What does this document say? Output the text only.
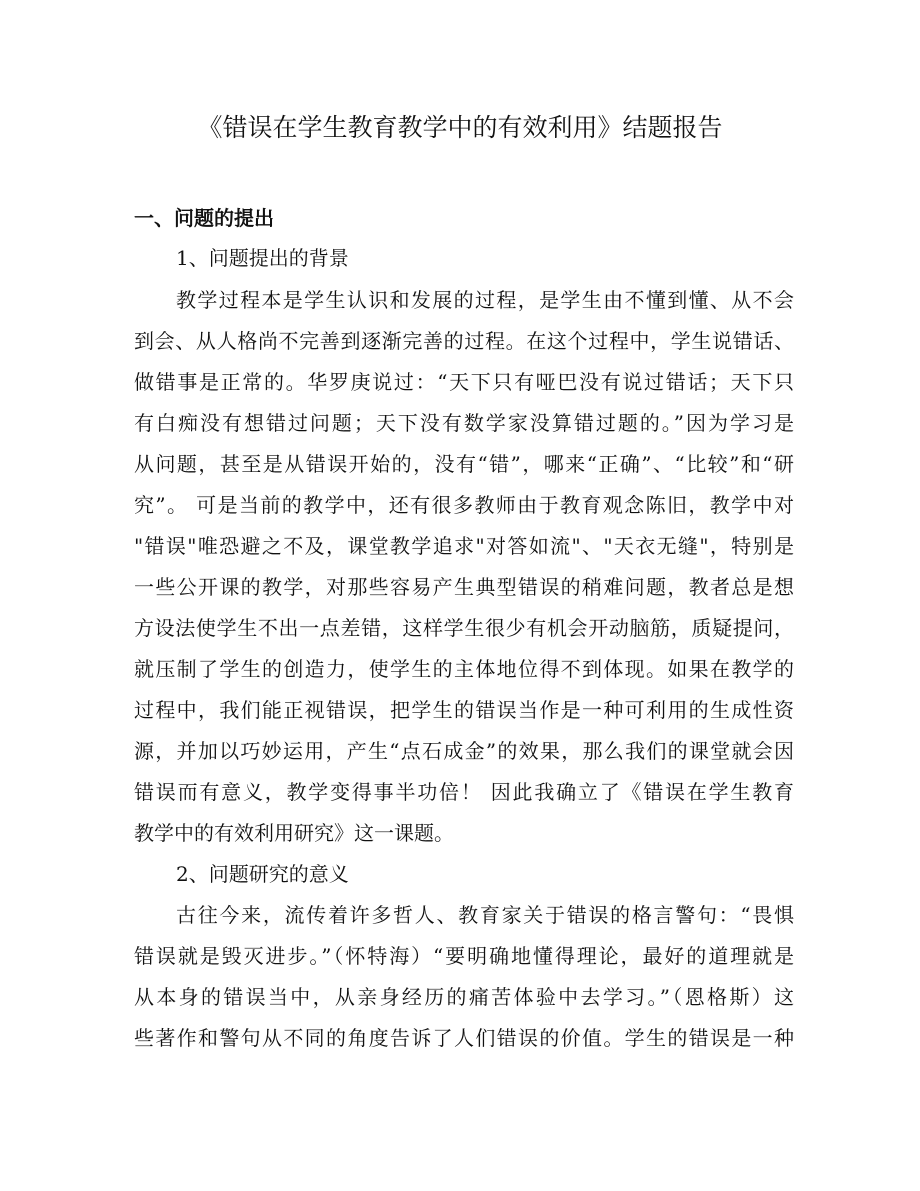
《错误在学生教育教学中的有效利用》结题报告
一、问题的提出
1、问题提出的背景
教学过程本是学生认识和发展的过程，是学生由不懂到懂、从不会
到会、从人格尚不完善到逐渐完善的过程。在这个过程中，学生说错话、
做错事是正常的。华罗庚说过：“天下只有哑巴没有说过错话；天下只
有白痴没有想错过问题；天下没有数学家没算错过题的。”因为学习是
从问题，甚至是从错误开始的，没有“错”，哪来“正确”、“比较”和“研
究”。 可是当前的教学中，还有很多教师由于教育观念陈旧，教学中对
"错误"唯恐避之不及，课堂教学追求"对答如流"、"天衣无缝"，特别是
一些公开课的教学，对那些容易产生典型错误的稍难问题，教者总是想
方设法使学生不出一点差错，这样学生很少有机会开动脑筋，质疑提问，
就压制了学生的创造力，使学生的主体地位得不到体现。如果在教学的
过程中，我们能正视错误，把学生的错误当作是一种可利用的生成性资
源，并加以巧妙运用，产生“点石成金”的效果，那么我们的课堂就会因
错误而有意义，教学变得事半功倍！ 因此我确立了《错误在学生教育
教学中的有效利用研究》这一课题。
2、问题研究的意义
古往今来，流传着许多哲人、教育家关于错误的格言警句：“畏惧
错误就是毁灭进步。”（怀特海）“要明确地懂得理论，最好的道理就是
从本身的错误当中，从亲身经历的痛苦体验中去学习。”（恩格斯）这
些著作和警句从不同的角度告诉了人们错误的价值。学生的错误是一种
